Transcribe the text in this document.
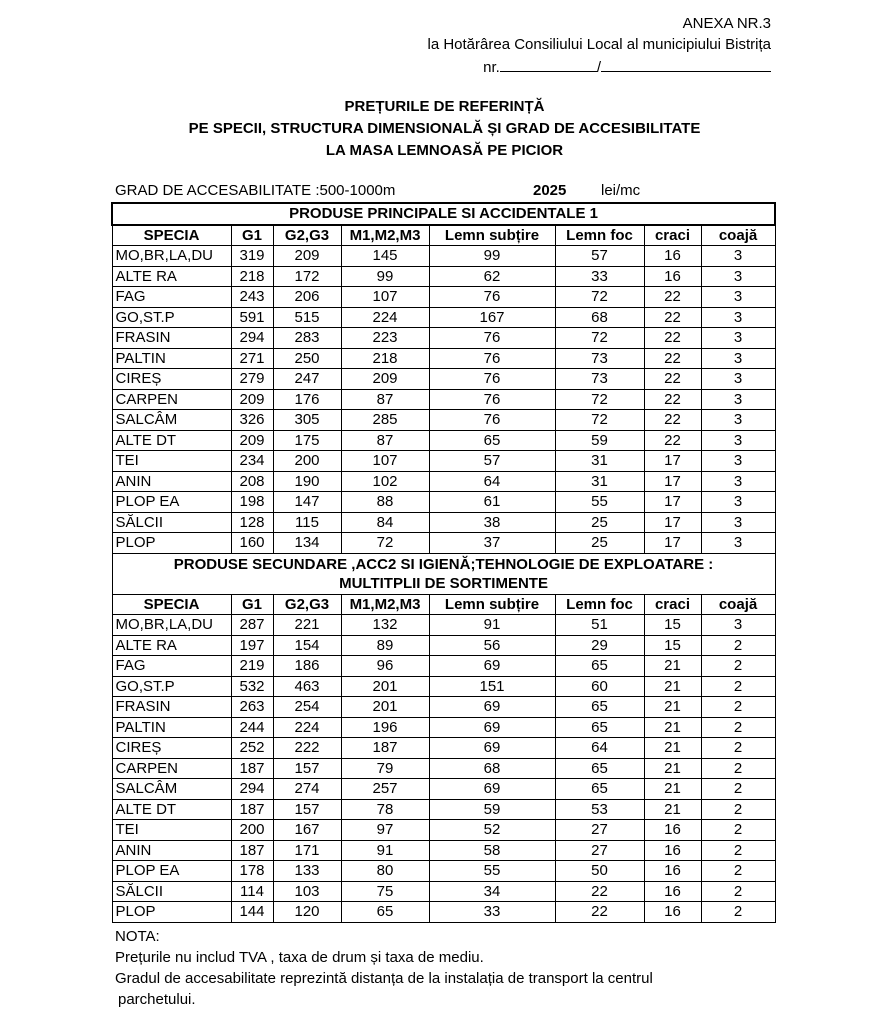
ANEXA NR.3
la Hotărârea Consiliului Local al municipiului Bistrița
nr.	/
PREȚURILE DE REFERINȚĂ
PE SPECII, STRUCTURA DIMENSIONALĂ ȘI GRAD DE ACCESIBILITATE
LA MASA LEMNOASĂ PE PICIOR
GRAD DE ACCESABILITATE :500-1000m	2025 lei/mc
PRODUSE PRINCIPALE SI ACCIDENTALE 1							
SPECIA	G1	G2,G3	M1,M2,M3	Lemn subțire	Lemn foc	craci	coajă
MO,BR,LA,DU	319	209	145	99	57	16	3
ALTE RA	218	172	99	62	33	16	3
FAG	243	206	107	76	72	22	3
GO,ST.P	591	515	224	167	68	22	3
FRASIN	294	283	223	76	72	22	3
PALTIN	271	250	218	76	73	22	3
CIREȘ	279	247	209	76	73	22	3
CARPEN	209	176	87	76	72	22	3
SALCÂM	326	305	285	76	72	22	3
ALTE DT	209	175	87	65	59	22	3
TEI	234	200	107	57	31	17	3
ANIN	208	190	102	64	31	17	3
PLOP EA	198	147	88	61	55	17	3
SĂLCII	128	115	84	38	25	17	3
PLOP	160	134	72	37	25	17	3
PRODUSE SECUNDARE ,ACC2 SI IGIENĂ;TEHNOLOGIE DE EXPLOATARE :
MULTITPLII DE SORTIMENTE							
SPECIA	G1	G2,G3	M1,M2,M3	Lemn subțire	Lemn foc	craci	coajă
MO,BR,LA,DU	287	221	132	91	51	15	3
ALTE RA	197	154	89	56	29	15	2
FAG	219	186	96	69	65	21	2
GO,ST.P	532	463	201	151	60	21	2
FRASIN	263	254	201	69	65	21	2
PALTIN	244	224	196	69	65	21	2
CIREȘ	252	222	187	69	64	21	2
CARPEN	187	157	79	68	65	21	2
SALCÂM	294	274	257	69	65	21	2
ALTE DT	187	157	78	59	53	21	2
TEI	200	167	97	52	27	16	2
ANIN	187	171	91	58	27	16	2
PLOP EA	178	133	80	55	50	16	2
SĂLCII	114	103	75	34	22	16	2
PLOP	144	120	65	33	22	16	2
NOTA:
Prețurile nu includ TVA , taxa de drum și taxa de mediu.
Gradul de accesabilitate reprezintă distanța de la instalația de transport la centrul
parchetului.
